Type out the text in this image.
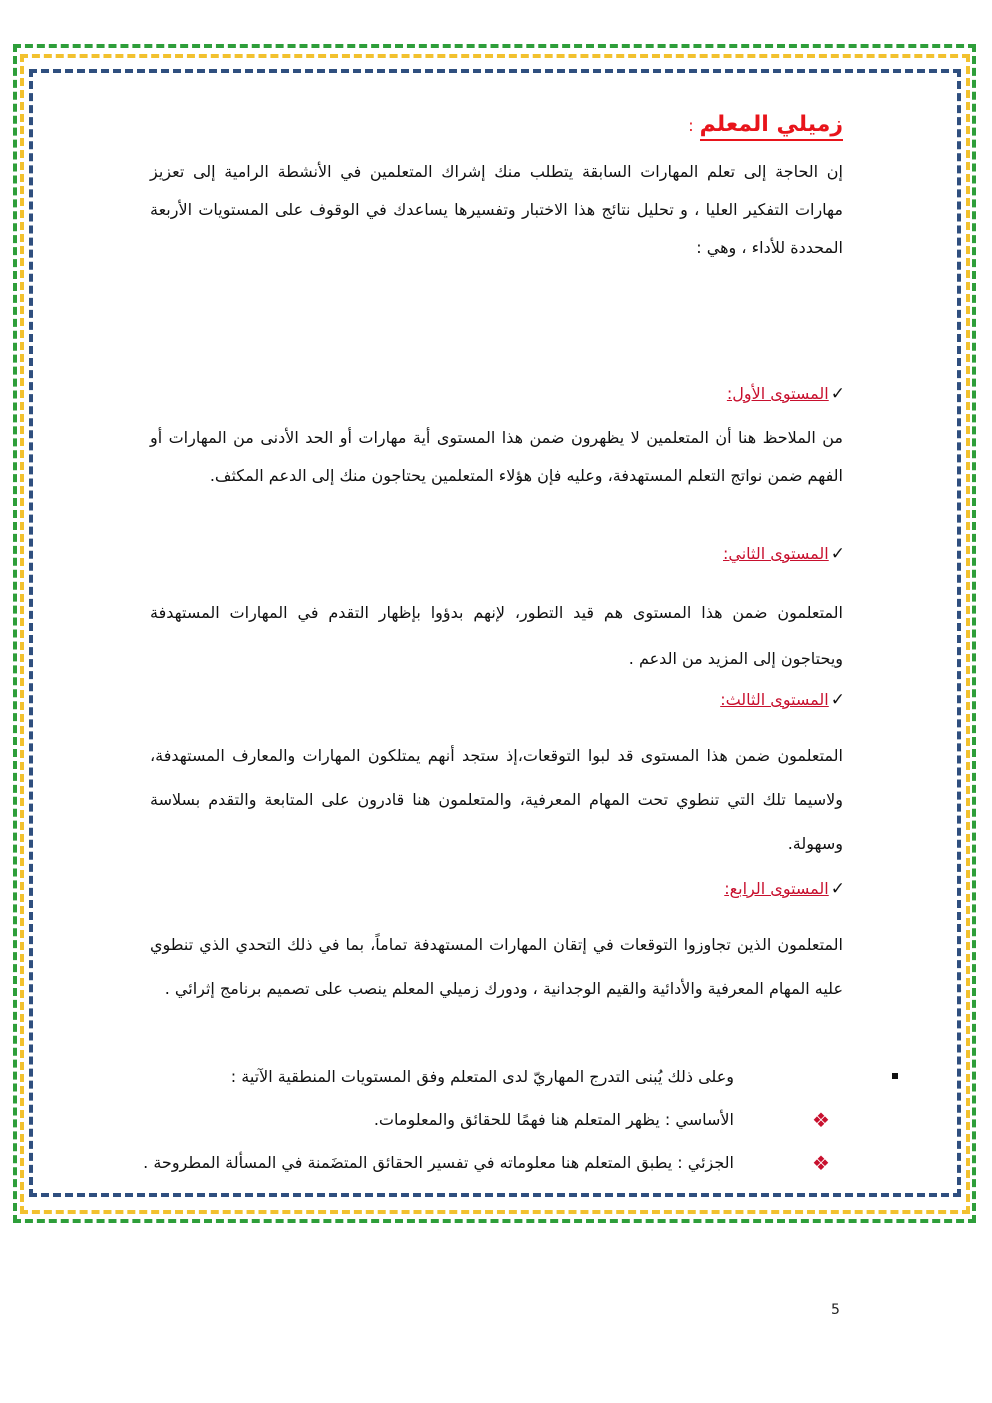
زميلي المعلم:

إن الحاجة إلى تعلم المهارات السابقة يتطلب منك إشراك المتعلمين في الأنشطة الرامية إلى تعزيز مهارات التفكير العليا ، و تحليل نتائج هذا الاختبار وتفسيرها يساعدك في الوقوف على المستويات الأربعة المحددة للأداء ، وهي :

✓المستوى الأول:

من الملاحظ هنا أن المتعلمين لا يظهرون ضمن هذا المستوى أية مهارات أو الحد الأدنى من المهارات أو الفهم ضمن نواتج التعلم المستهدفة، وعليه فإن هؤلاء المتعلمين يحتاجون منك إلى الدعم المكثف.

✓المستوى الثاني:

المتعلمون ضمن هذا المستوى هم قيد التطور، لإنهم بدؤوا بإظهار التقدم في المهارات المستهدفة ويحتاجون إلى المزيد من الدعم .

✓المستوى الثالث:

المتعلمون ضمن هذا المستوى قد لبوا التوقعات،إذ ستجد أنهم يمتلكون المهارات والمعارف المستهدفة، ولاسيما تلك التي تنطوي تحت المهام المعرفية، والمتعلمون هنا قادرون على المتابعة والتقدم بسلاسة وسهولة.

✓المستوى الرابع:

المتعلمون الذين تجاوزوا التوقعات في إتقان المهارات المستهدفة تماماً، بما في ذلك التحدي الذي تنطوي عليه المهام المعرفية والأدائية والقيم الوجدانية ، ودورك زميلي المعلم ينصب على تصميم برنامج إثرائي .

وعلى ذلك يُبنى التدرج المهاريّ لدى المتعلم وفق المستويات المنطقية الآتية :
❖
الأساسي : يظهر المتعلم هنا فهمًا للحقائق والمعلومات.
❖
الجزئي : يطبق المتعلم هنا معلوماته في تفسير الحقائق المتضَمنة في المسألة المطروحة .
5
